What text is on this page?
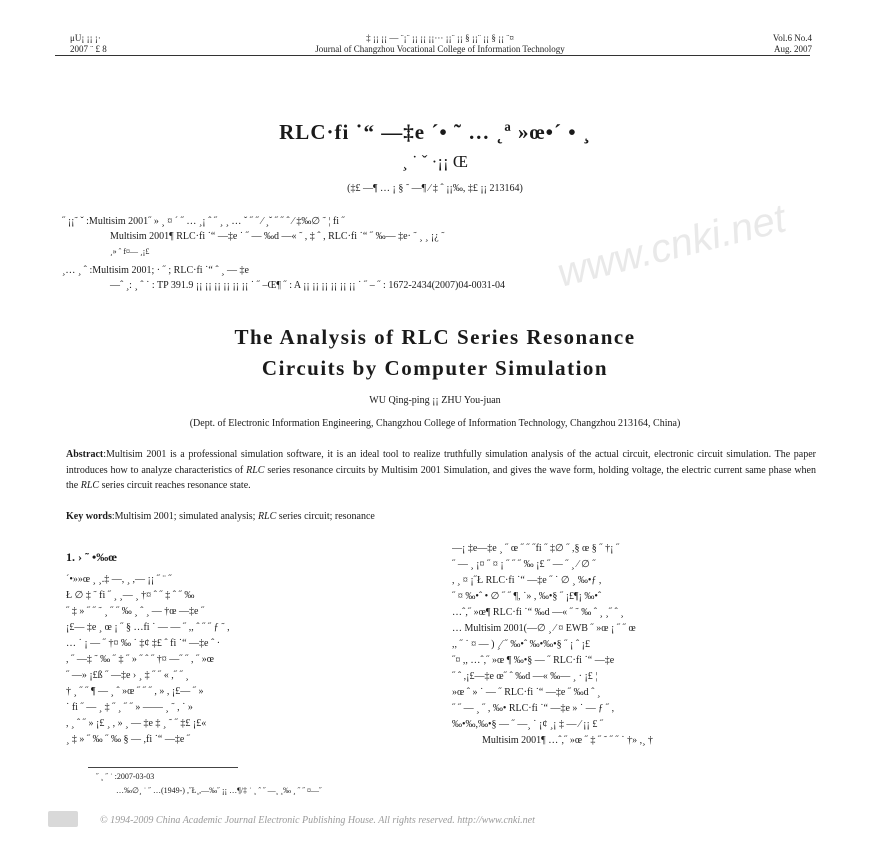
μU¡ ¡¡ ¡·
2007 ¨ £ 8
‡ ¡¡ ¡¡ — ¨¡¨ ¡¡ ¡¡ ¡¡··· ¡¡¨ ¡¡ § ¡¡¨ ¡¡ § ¡¡ ¨¤
Journal of Changzhou Vocational College of Information Technology
Vol.6 No.4
Aug. 2007
www.cnki.net
RLC·fi ˙“ —‡e ´• ˜ … ˛ª »œ•´ • ¸
¸ ˙ ˇ ·¡¡ Œ
(‡£ —¶ … ¡ § ˜ —¶ ⁄ ‡ ˆ ¡¡‰, ‡£ ¡¡ 213164)
˝ ¡¡˜ ˇ :Multisim 2001˝ » ¸ ¤ ´ ˝ … ¸¡ ˆ ˝ ¸ ¸ … ˇ ˝ ˝ ⁄ ¸ˇ ˝ ˝ ˆ ⁄ ‡‰∅ ˜ ¦ fi ˝
Multisim 2001¶ RLC·fi ˙“ —‡e ˙ ˝ — ‰d —« ˜ , ‡ ˆ , RLC·fi ˙“ ˝ ‰— ‡e· ˜ ¸ ¸ ¡¿ ˜
¸» ˆ f¤— ¸¡£
¸… ¸ ˆ :Multisim 2001; · ˝ ; RLC·fi ˙“ ˆ ¸ — ‡e
—ˆ ¸: ¸ ˆ ˙ : TP 391.9 ¡¡ ¡¡ ¡¡ ¡¡ ¡¡ ¡¡ ˙ ˝ –Œ¶ ˝ : A ¡¡ ¡¡ ¡¡ ¡¡ ¡¡ ¡¡ ˙ ˝ – ˝ : 1672-2434(2007)04-0031-04
The Analysis of RLC Series Resonance
Circuits by Computer Simulation
WU Qing-ping ¡¡ ZHU You-juan
(Dept. of Electronic Information Engineering, Changzhou College of Information Technology, Changzhou 213164, China)
Abstract:Multisim 2001 is a professional simulation software, it is an ideal tool to realize truthfully simulation analysis of the actual circuit, electronic circuit simulation. The paper introduces how to analyze characteristics of RLC series resonance circuits by Multisim 2001 Simulation, and gives the wave form, holding voltage, the electric current same phase when the RLC series circuit reaches resonance state.
Key words:Multisim 2001; simulated analysis; RLC series circuit; resonance
1. › ˜ •‰œ
´•»»œ ¸ ¸.‡ —, ¸ ,— ¡¡ ˝ ¨ ˝
Ł ∅ ‡ ˜ fi ˝ ¸ ¸— ¸ †¤ ˆ ˝ ‡ ˆ ˝ ‰
˝ ‡ » ˝ ˝ ˜ ¸ ˝ ˝ ‰ ¸ ˆ ¸ — †œ —‡e ˝
¡£— ‡e ¸ œ ¡ ˝ § …fi ˙ — — ˝ ,, ˆ ˝ ˝ ƒ ˜ ,
… ˙ ¡ — ˝ †¤ ‰ ˙ ‡¢ ‡£ ˆ fi ˙“ —‡e ˆ ·
, ˝ —‡ ˜ ‰ ˝ ‡ ˝ » ˝ ˆ ˝ †¤ —˝ ˝ , ˝ »œ
˝ —» ¡£ß ˝ —‡e › ¸ ‡ ˝ ˝ « ,˝ ˝ ¸
† ¸ ˝ ˝ ¶ — ¸ ˆ »œ ˝ ˝ ˝ , » , ¡£— ˝ »
˙ fi ˝ — ¸ ‡ ˝ ¸ ˝ ˝ » —— ¸ ˜ , ˙ »
, ¸ ˆ ˝ » ¡£ ¸ , » ¸ — ‡e ‡ ¸ ˜ ˝ ‡£ ¡£«
¸ ‡ » ˝ ‰ ˝ ‰ § — ,fi ˙“ —‡e ˝
—¡ ‡e—‡e ¸ ˝ œ ˝ ˝ ˝fi ˝ ‡∅ ˝ ,§ œ § ˝ †¡ ˝
˝ — ¸ ¡¤ ˝ ¤ ¡ ˝ ˝ ˝ ‰ ¡£ ˝ — ˝ ¸ ⁄ ∅ ˝
, ¸ ¤ ¡˝Ł RLC·fi ˙“ —‡e ˝ ˙ ∅ ¸ ‰•ƒ ,
˝ ¤ ‰•ˆ • ∅ ˝ ˝ ¶, ˙» , ‰•§ ˝ ¡£¶¡ ‰•ˆ
…ˆ,˝ »œ¶ RLC·fi ˙“ ‰d —« ˝ ˜ ‰ ˆ ¸ ¸˝ ˆ ¸
… Multisim 2001(—∅ ¸ ⁄ ¤ EWB ˝ »œ ¡ ˝ ˝ œ
,, ˝ ˙ ¤ — ) ¸⁄ ˝ ‰•ˆ ‰•‰•§ ˝ ¡ ˆ ¡£
˝¤ ,, …ˆ,˝ »œ ¶ ‰•§ — ˝ RLC·fi ˙“ —‡e
˝ ˆ ,¡£—‡e œ˝ ˆ ‰d —« ‰— ¸ · ¡£ ¦
»œ ˆ » ˙ — ˝ RLC·fi ˙“ —‡e ˝ ‰d ˆ ¸
˝ ˝ — ¸ ˝ , ‰• RLC·fi ˙“ —‡e » ˙ — ƒ ˝ ,
‰•‰,‰•§ — ˝ —¸ ˙ ¡¢ ¸¡ ‡ — ⁄ ¡¡ £ ˝
Multisim 2001¶ …ˆ,˝ »œ ˝ ‡ ˝ ˜ ˝ ˝ ˙ †» ,¸ †
˝ ¸ ˝ ˙ :2007-03-03
…‰∅¸ ˙ ˝ …(1949-) ,˝Ł¸,—‰˝ ¡¡ …¶/‡ ˙ ¸ ˆ ˝ —¸ ¸‰ ¸ ˝ ˝ ¤—˝
© 1994-2009 China Academic Journal Electronic Publishing House. All rights reserved. http://www.cnki.net
